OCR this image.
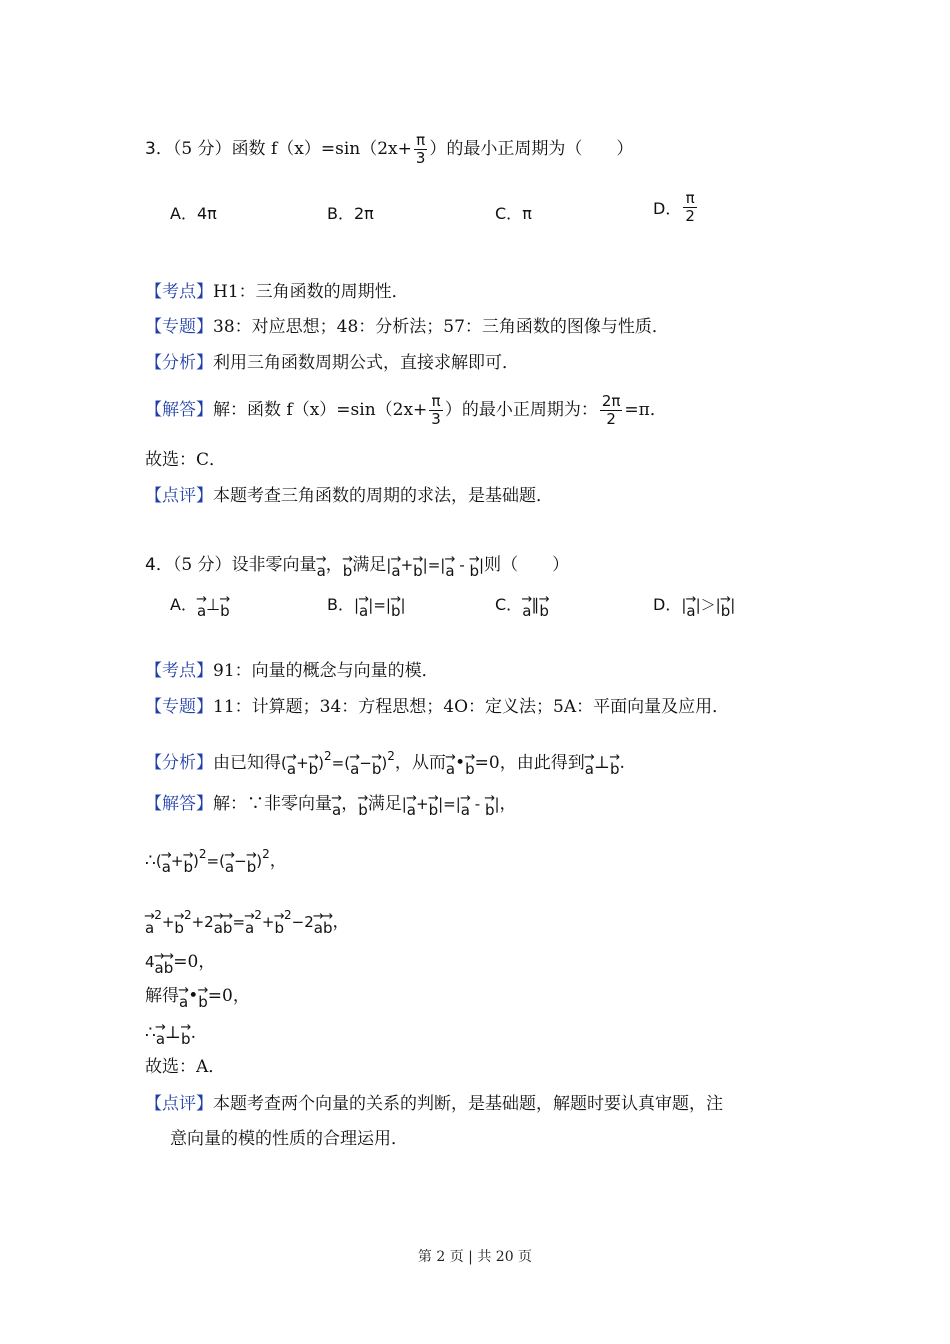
3．（5 分）函数 $f(x)=\sin(2x+ \frac{\pi}{3}$ ）的最小正周期为（　　）
A．4π	B．2π	C．π	D． $\frac{\pi}{2}$
【考点】H1：三角函数的周期性．
【专题】38：对应思想；48：分析法；57：三角函数的图像与性质．
【分析】利用三角函数周期公式，直接求解即可．
【解答】解：函数 $f(x)=\sin(2x+ \frac{\pi}{3}$ ）的最小正周期为： $\frac{2\pi}{2} =\pi$．
故选：C．
【点评】本题考查三角函数的周期的求法，是基础题．
4．（5 分）设非零向量→ a，→ b满足|→ a+→ b|=|→ a - → b|则（　　）
A．→ a⊥→ b	B．|→ a|=|→ b|	C．→ a∥→ b	D．|→ a|＞|→ b|
【考点】91：向量的概念与向量的模．
【专题】11：计算题；34：方程思想；4O：定义法；5A：平面向量及应用．
【分析】由已知得(→ $a+\to b)^2=(\to a-\to b)^2$，从而→ a•→ b=0，由此得到→ a⊥→ b.
【解答】解：∵非零向量→ a，→ b满足|→ a+→ b|=|→ a - → b|，
∴(→ $a+\to b)^2=(\to a-\to b)^2$，
→ $a^2+\to b^2+2\to a\to b=\to a^2+\to b^2-2\to a\to b$，
4→ a→ b=0，
解得→ a•→ b=0，
∴→ a⊥→ b.
故选：A．
【点评】本题考查两个向量的关系的判断，是基础题，解题时要认真审题，注
意向量的模的性质的合理运用．
第 2 页 | 共 20 页
